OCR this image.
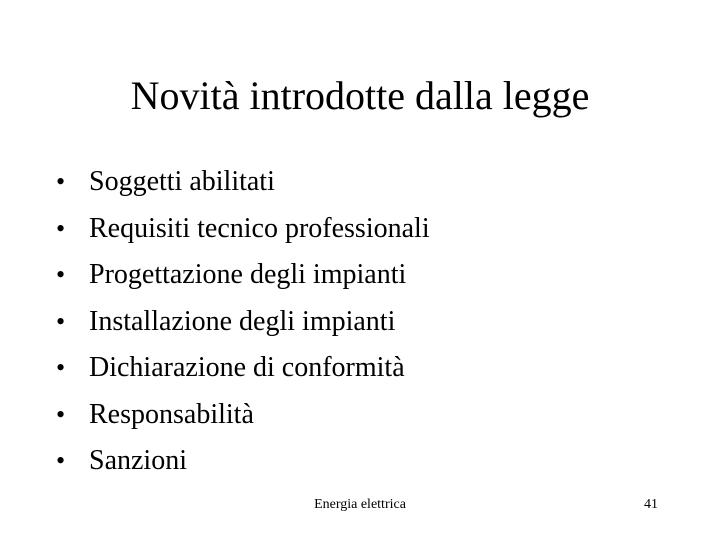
Novità introdotte dalla legge
• Soggetti abilitati
• Requisiti tecnico professionali
• Progettazione degli impianti
• Installazione degli impianti
• Dichiarazione di conformità
• Responsabilità
• Sanzioni
Energia elettrica	41
